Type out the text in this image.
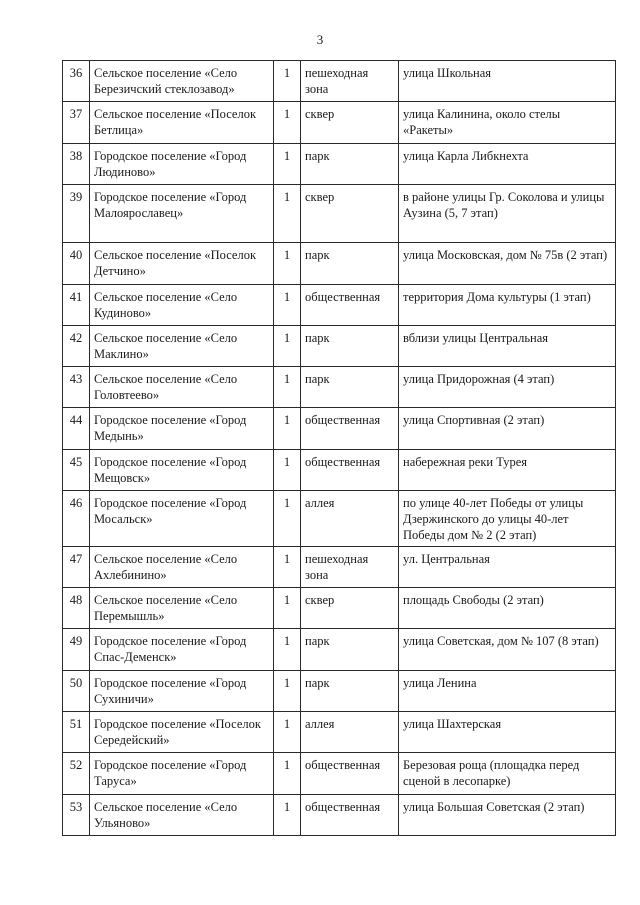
3
36	Сельское поселение «Село Березичский стеклозавод»	1	пешеходная зона	улица Школьная
37	Сельское поселение «Поселок Бетлица»	1	сквер	улица Калинина, около стелы «Ракеты»
38	Городское поселение «Город Людиново»	1	парк	улица Карла Либкнехта
39	Городское поселение «Город Малоярославец»	1	сквер	в районе улицы Гр. Соколова и улицы Аузина (5, 7 этап)
40	Сельское поселение «Поселок Детчино»	1	парк	улица Московская, дом № 75в (2 этап)
41	Сельское поселение «Село Кудиново»	1	общественная	территория Дома культуры (1 этап)
42	Сельское поселение «Село Маклино»	1	парк	вблизи улицы Центральная
43	Сельское поселение «Село Головтеево»	1	парк	улица Придорожная (4 этап)
44	Городское поселение «Город Медынь»	1	общественная	улица Спортивная (2 этап)
45	Городское поселение «Город Мещовск»	1	общественная	набережная реки Турея
46	Городское поселение «Город Мосальск»	1	аллея	по улице 40-лет Победы от улицы Дзержинского до улицы 40-лет Победы дом № 2 (2 этап)
47	Сельское поселение «Село Ахлебинино»	1	пешеходная зона	ул. Центральная
48	Сельское поселение «Село Перемышль»	1	сквер	площадь Свободы (2 этап)
49	Городское поселение «Город Спас-Деменск»	1	парк	улица Советская, дом № 107 (8 этап)
50	Городское поселение «Город Сухиничи»	1	парк	улица Ленина
51	Городское поселение «Поселок Середейский»	1	аллея	улица Шахтерская
52	Городское поселение «Город Таруса»	1	общественная	Березовая роща (площадка перед сценой в лесопарке)
53	Сельское поселение «Село Ульяново»	1	общественная	улица Большая Советская (2 этап)
